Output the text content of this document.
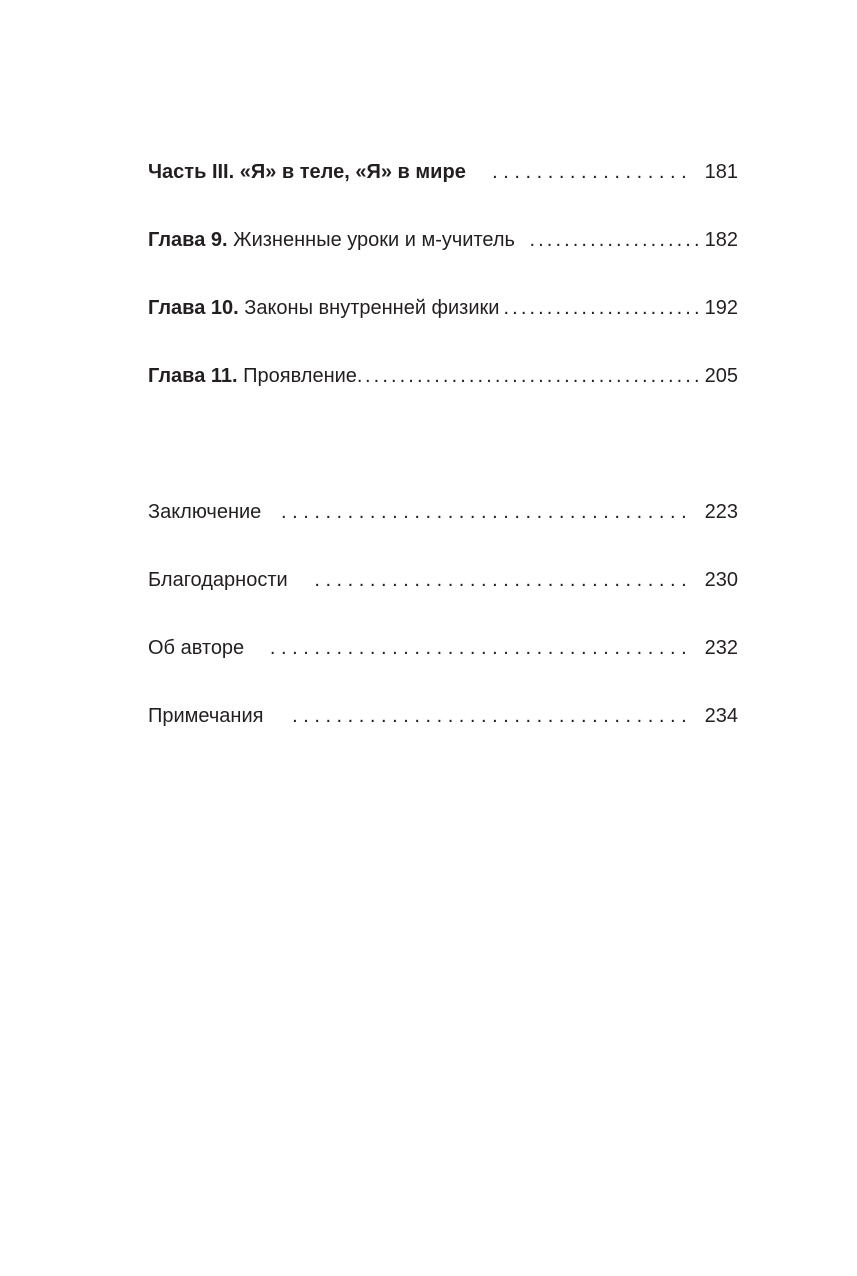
Часть III. «Я» в теле, «Я» в мире . . .	181
Глава 9. Жизненные уроки и м-учитель .....	182
Глава 10. Законы внутренней физики .....	192
Глава 11. Проявление. .....	205
Заключение . . .	223
Благодарности . . .	230
Об авторе . . .	232
Примечания . . .	234
